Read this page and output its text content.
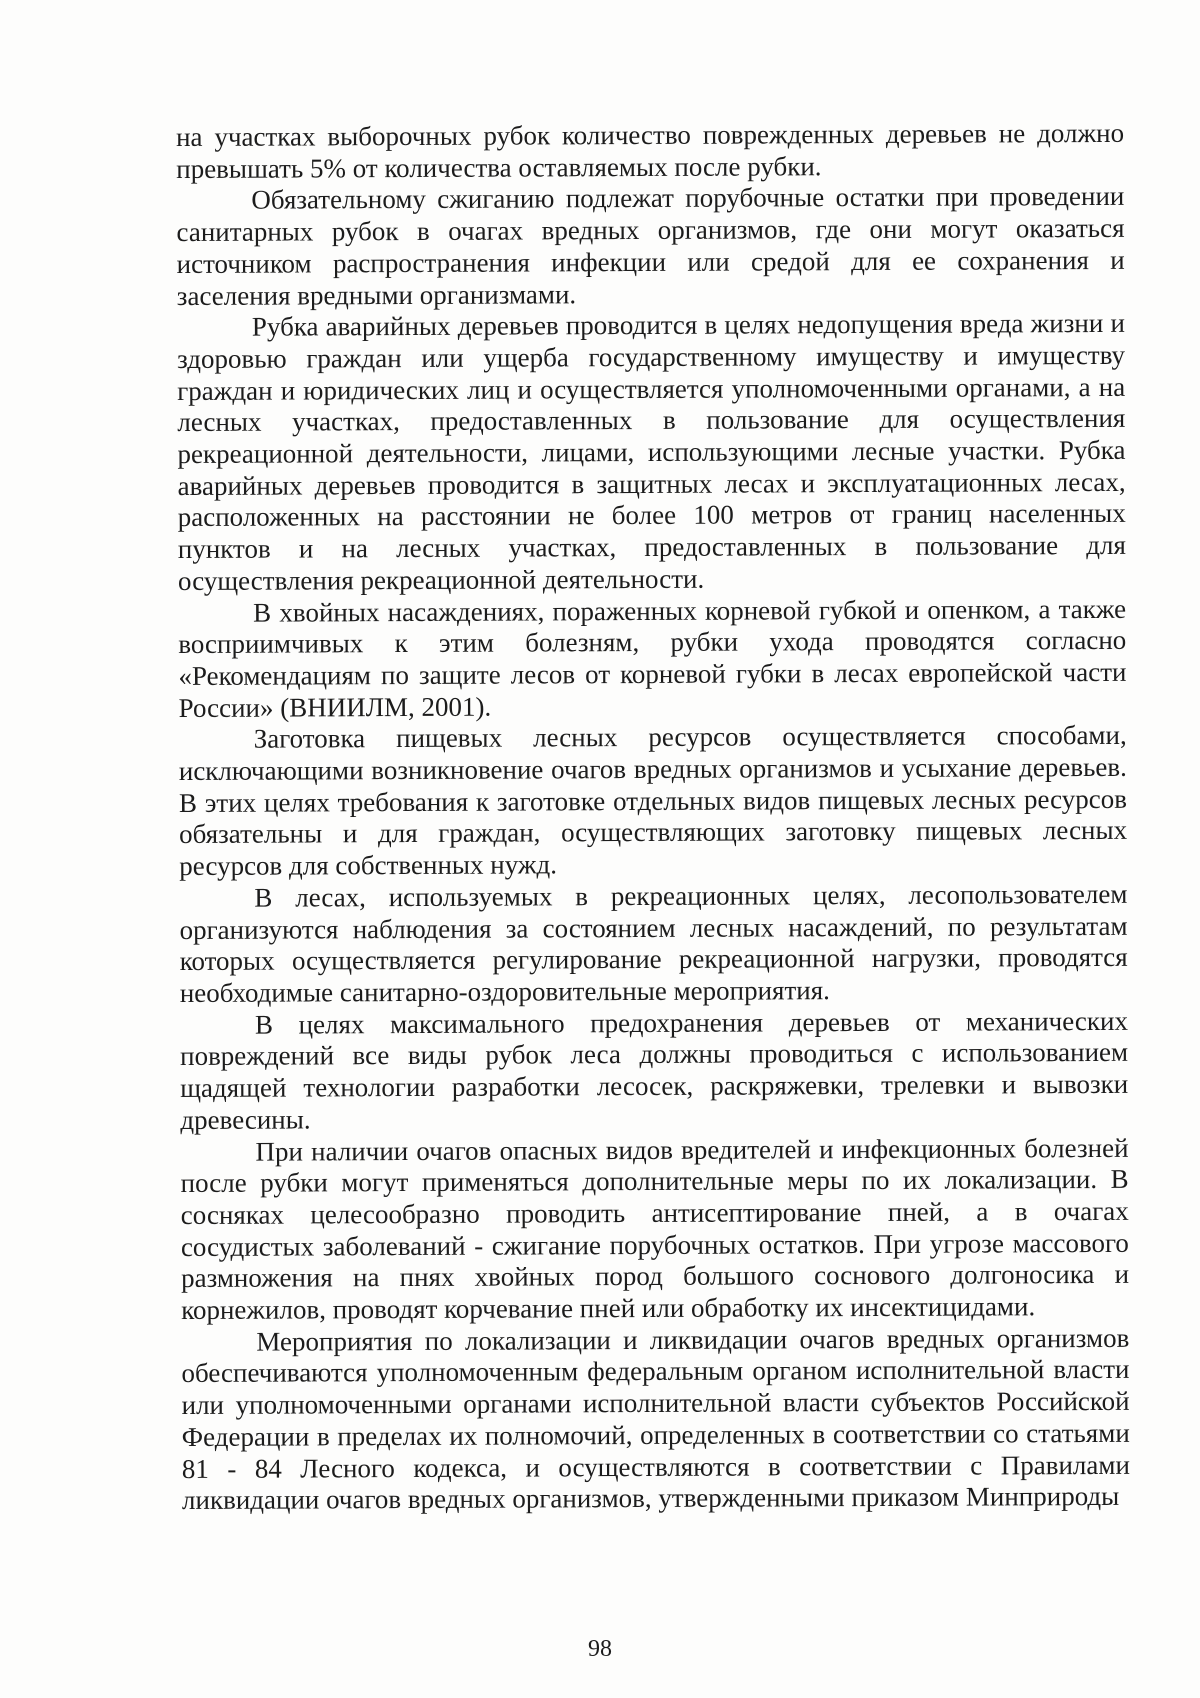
на участках выборочных рубок количество поврежденных деревьев не должно превышать 5% от количества оставляемых после рубки.

Обязательному сжиганию подлежат порубочные остатки при проведении санитарных рубок в очагах вредных организмов, где они могут оказаться источником распространения инфекции или средой для ее сохранения и заселения вредными организмами.

Рубка аварийных деревьев проводится в целях недопущения вреда жизни и здоровью граждан или ущерба государственному имуществу и имуществу граждан и юридических лиц и осуществляется уполномоченными органами, а на лесных участках, предоставленных в пользование для осуществления рекреационной деятельности, лицами, использующими лесные участки. Рубка аварийных деревьев проводится в защитных лесах и эксплуатационных лесах, расположенных на расстоянии не более 100 метров от границ населенных пунктов и на лесных участках, предоставленных в пользование для осуществления рекреационной деятельности.

В хвойных насаждениях, пораженных корневой губкой и опенком, а также восприимчивых к этим болезням, рубки ухода проводятся согласно «Рекомендациям по защите лесов от корневой губки в лесах европейской части России» (ВНИИЛМ, 2001).

Заготовка пищевых лесных ресурсов осуществляется способами, исключающими возникновение очагов вредных организмов и усыхание деревьев. В этих целях требования к заготовке отдельных видов пищевых лесных ресурсов обязательны и для граждан, осуществляющих заготовку пищевых лесных ресурсов для собственных нужд.

В лесах, используемых в рекреационных целях, лесопользователем организуются наблюдения за состоянием лесных насаждений, по результатам которых осуществляется регулирование рекреационной нагрузки, проводятся необходимые санитарно-оздоровительные мероприятия.

В целях максимального предохранения деревьев от механических повреждений все виды рубок леса должны проводиться с использованием щадящей технологии разработки лесосек, раскряжевки, трелевки и вывозки древесины.

При наличии очагов опасных видов вредителей и инфекционных болезней после рубки могут применяться дополнительные меры по их локализации. В сосняках целесообразно проводить антисептирование пней, а в очагах сосудистых заболеваний - сжигание порубочных остатков. При угрозе массового размножения на пнях хвойных пород большого соснового долгоносика и корнежилов, проводят корчевание пней или обработку их инсектицидами.

Мероприятия по локализации и ликвидации очагов вредных организмов обеспечиваются уполномоченным федеральным органом исполнительной власти или уполномоченными органами исполнительной власти субъектов Российской Федерации в пределах их полномочий, определенных в соответствии со статьями 81 - 84 Лесного кодекса, и осуществляются в соответствии с Правилами ликвидации очагов вредных организмов, утвержденными приказом Минприроды

98
